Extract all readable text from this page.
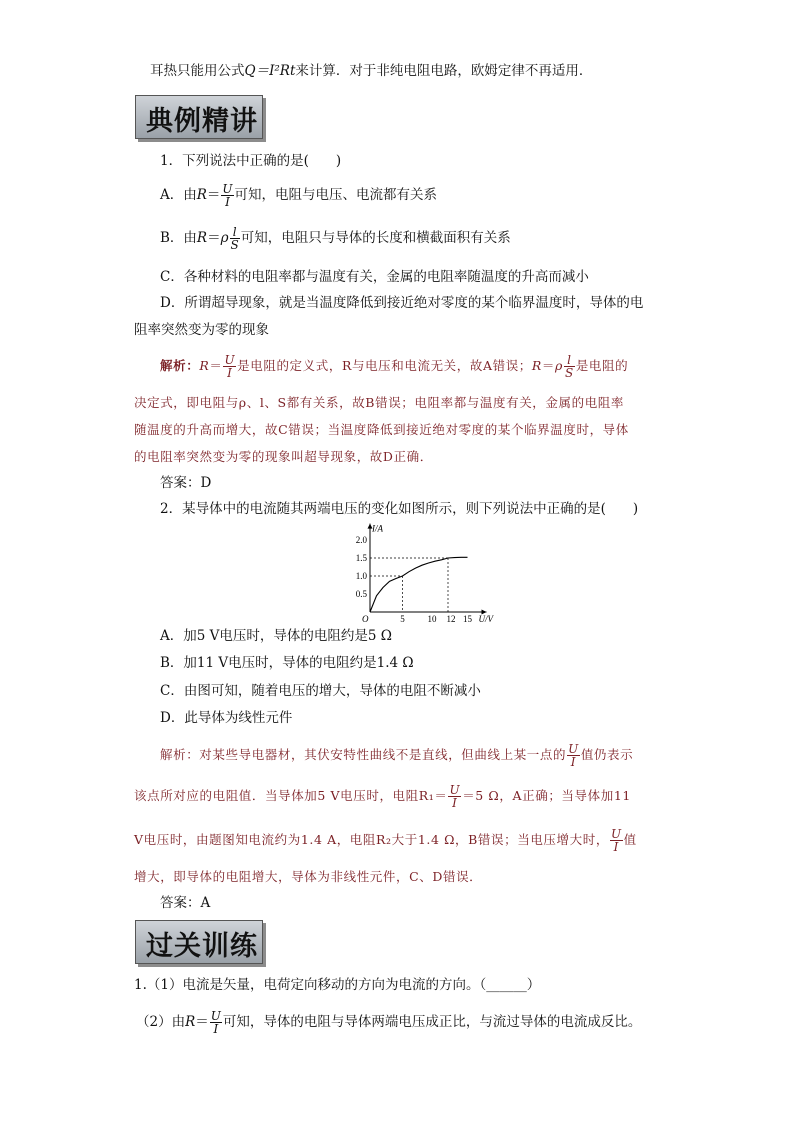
耳热只能用公式Q＝I²Rt来计算．对于非纯电阻电路，欧姆定律不再适用．
典例精讲
1．下列说法中正确的是(　　)
A．由$R= \frac{U}{I}$ 可知，电阻与电压、电流都有关系
B．由$R=\rho \frac{l}{S}$ 可知，电阻只与导体的长度和横截面积有关系
C．各种材料的电阻率都与温度有关，金属的电阻率随温度的升高而减小
D．所谓超导现象，就是当温度降低到接近绝对零度的某个临界温度时，导体的电
阻率突然变为零的现象
解析：$R= \frac{U}{I}$ 是电阻的定义式，R与电压和电流无关，故A错误；$R=\rho \frac{l}{S}$ 是电阻的
决定式，即电阻与ρ、l、S都有关系，故B错误；电阻率都与温度有关，金属的电阻率
随温度的升高而增大，故C错误；当温度降低到接近绝对零度的某个临界温度时，导体
的电阻率突然变为零的现象叫超导现象，故D正确．
答案：D
2．某导体中的电流随其两端电压的变化如图所示，则下列说法中正确的是(　　)
0.5
1.0
1.5
2.0
5	10 12 15
O	U/V
I/A
A．加5 V电压时，导体的电阻约是5 Ω
B．加11 V电压时，导体的电阻约是1.4 Ω
C．由图可知，随着电压的增大，导体的电阻不断减小
D．此导体为线性元件
解析：对某些导电器材，其伏安特性曲线不是直线，但曲线上某一点的 $\frac{U}{I}$ 值仍表示
该点所对应的电阻值．当导体加5 V电压时，电阻$R_1= \frac{U}{I} =5$ Ω，A正确；当导体加11
V电压时，由题图知电流约为1.4 A，电阻R₂大于1.4 Ω，B错误；当电压增大时， $\frac{U}{I}$ 值
增大，即导体的电阻增大，导体为非线性元件，C、D错误．
答案：A
过关训练
1.（1）电流是矢量，电荷定向移动的方向为电流的方向。（______）
（2）由$R= \frac{U}{I}$ 可知，导体的电阻与导体两端电压成正比，与流过导体的电流成反比。
